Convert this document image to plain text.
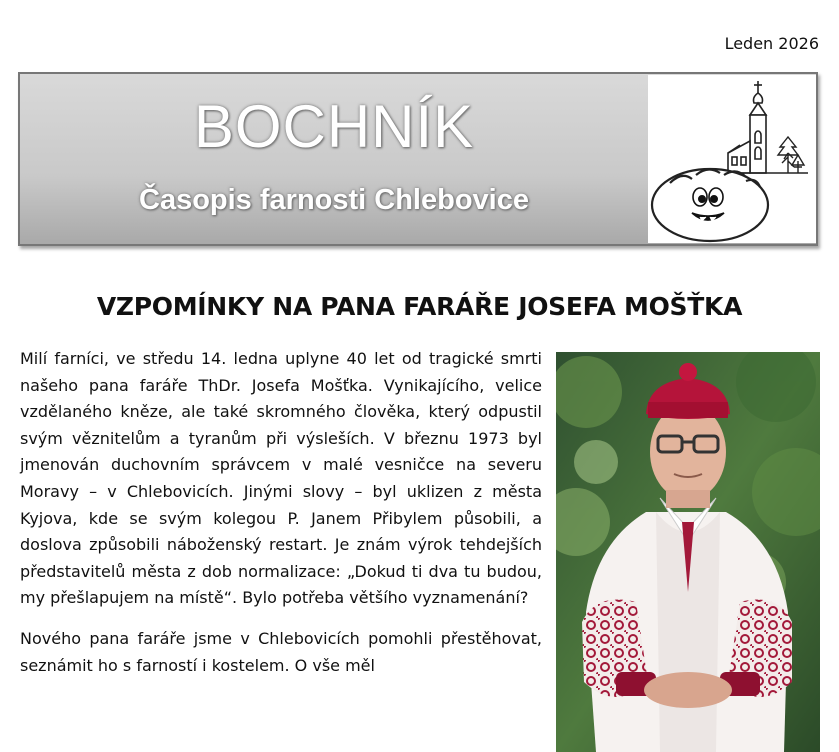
Leden 2026
BOCHNÍK
Časopis farnosti Chlebovice
VZPOMÍNKY NA PANA FARÁŘE JOSEFA MOŠŤKA

Milí farníci, ve středu 14. ledna uplyne 40 let od tragické smrti našeho pana faráře ThDr. Josefa Mošťka. Vynikajícího, velice vzdělaného kněze, ale také skromného člověka, který odpustil svým věznitelům a tyranům při výsleších. V březnu 1973 byl jmenován duchovním správcem v malé vesničce na severu Moravy – v Chlebovicích. Jinými slovy – byl uklizen z města Kyjova, kde se svým kolegou P. Janem Přibylem působili, a doslova způsobili náboženský restart. Je znám výrok tehdejších představitelů města z dob normalizace: „Dokud ti dva tu budou, my přešlapujem na místě“. Bylo potřeba většího vyznamenání?

Nového pana faráře jsme v Chlebovicích pomohli přestěhovat, seznámit ho s farností i kostelem. O vše měl
